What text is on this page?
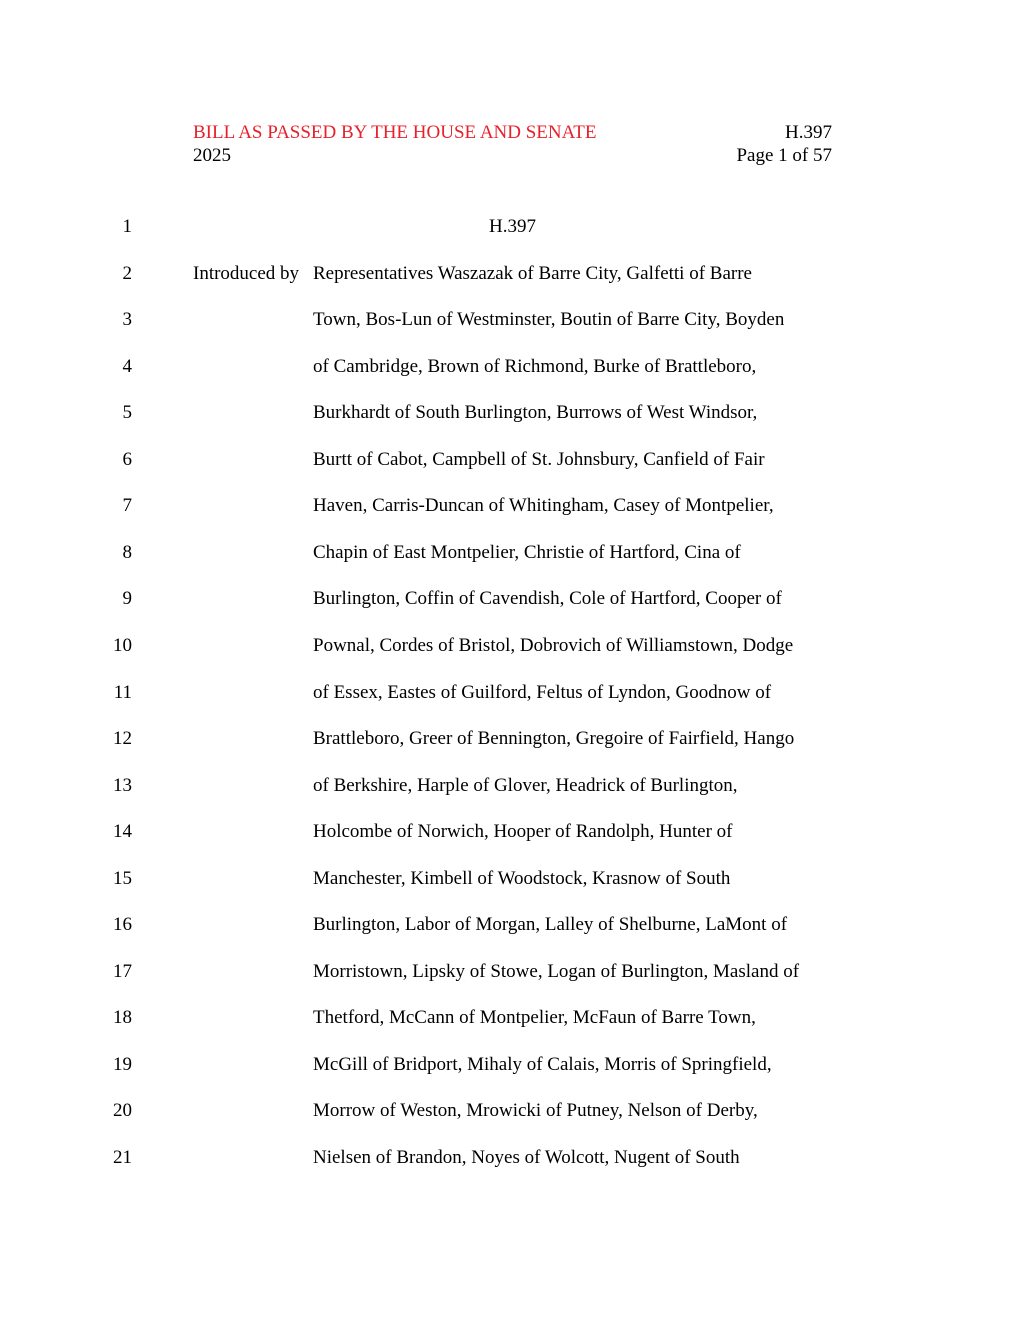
BILL AS PASSED BY THE HOUSE AND SENATE
2025
H.397
Page 1 of 57
1	H.397
2	Introduced by Representatives Waszazak of Barre City, Galfetti of Barre
3	Town, Bos-Lun of Westminster, Boutin of Barre City, Boyden
4	of Cambridge, Brown of Richmond, Burke of Brattleboro,
5	Burkhardt of South Burlington, Burrows of West Windsor,
6	Burtt of Cabot, Campbell of St. Johnsbury, Canfield of Fair
7	Haven, Carris-Duncan of Whitingham, Casey of Montpelier,
8	Chapin of East Montpelier, Christie of Hartford, Cina of
9	Burlington, Coffin of Cavendish, Cole of Hartford, Cooper of
10	Pownal, Cordes of Bristol, Dobrovich of Williamstown, Dodge
11	of Essex, Eastes of Guilford, Feltus of Lyndon, Goodnow of
12	Brattleboro, Greer of Bennington, Gregoire of Fairfield, Hango
13	of Berkshire, Harple of Glover, Headrick of Burlington,
14	Holcombe of Norwich, Hooper of Randolph, Hunter of
15	Manchester, Kimbell of Woodstock, Krasnow of South
16	Burlington, Labor of Morgan, Lalley of Shelburne, LaMont of
17	Morristown, Lipsky of Stowe, Logan of Burlington, Masland of
18	Thetford, McCann of Montpelier, McFaun of Barre Town,
19	McGill of Bridport, Mihaly of Calais, Morris of Springfield,
20	Morrow of Weston, Mrowicki of Putney, Nelson of Derby,
21	Nielsen of Brandon, Noyes of Wolcott, Nugent of South
